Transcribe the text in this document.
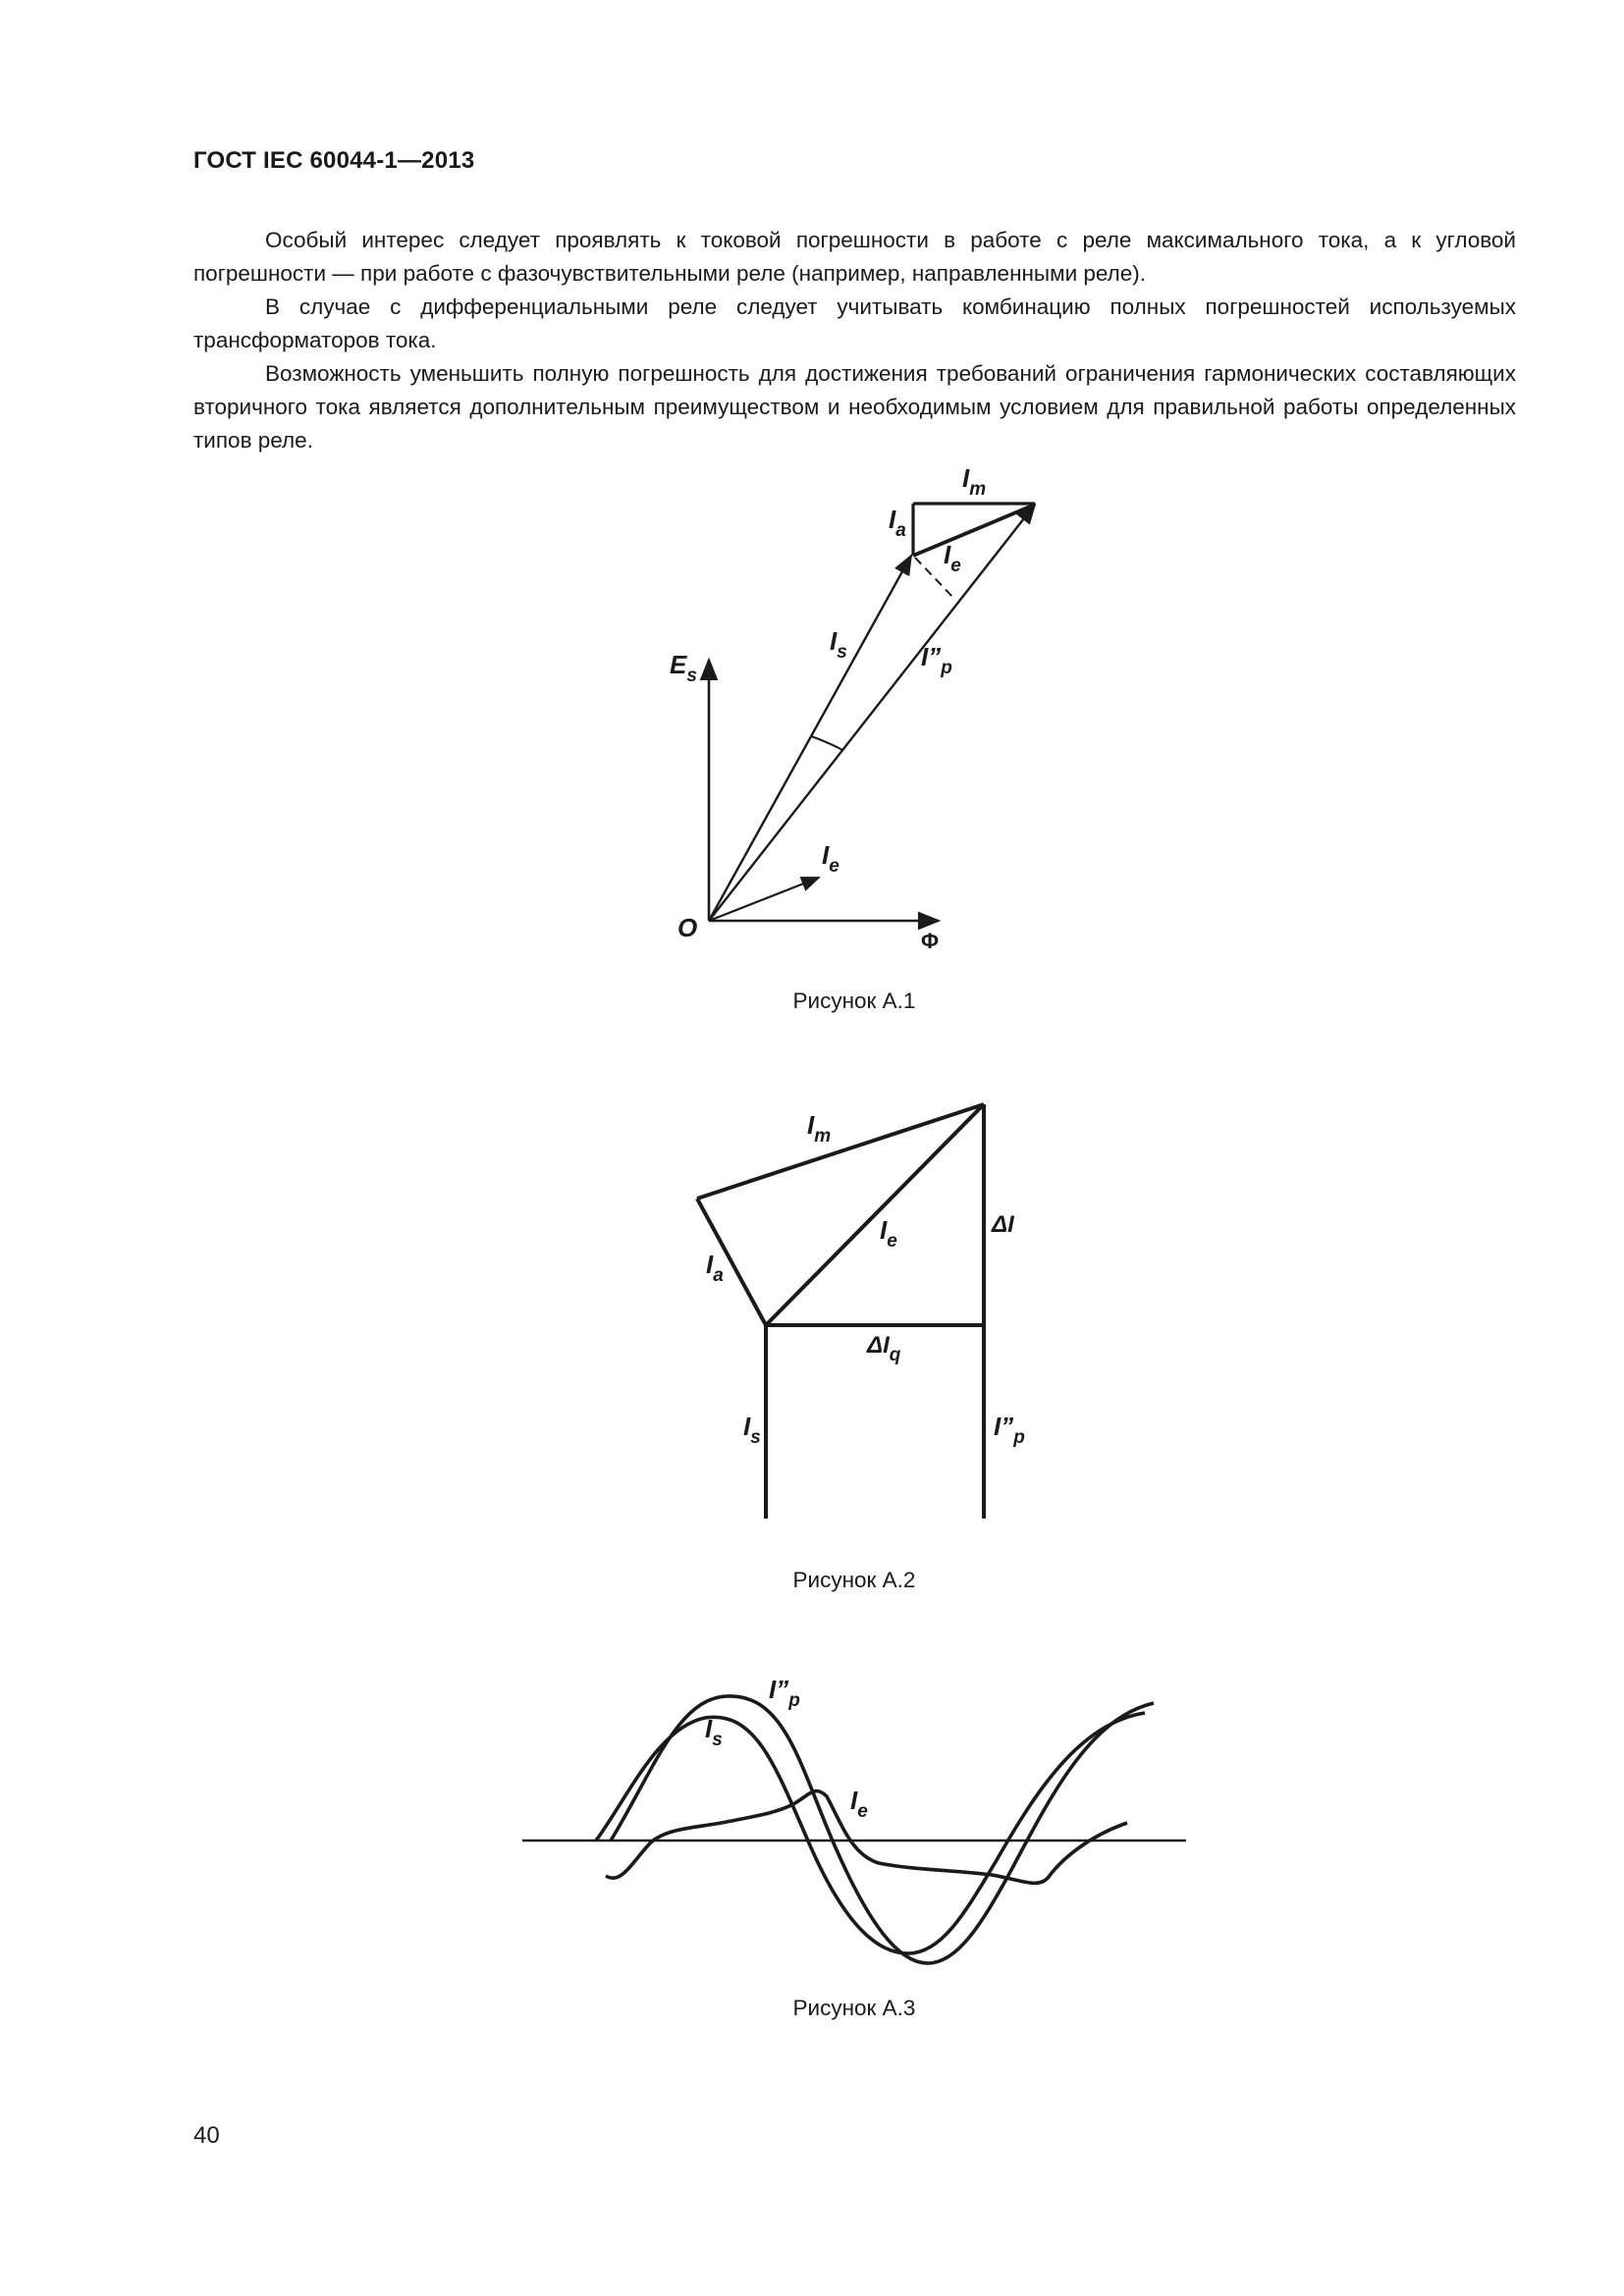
ГОСТ IEC 60044-1—2013

Особый интерес следует проявлять к токовой погрешности в работе с реле максимального тока, а к угловой погрешности — при работе с фазочувствительными реле (например, направленными реле).

В случае с дифференциальными реле следует учитывать комбинацию полных погрешностей используемых трансформаторов тока.

Возможность уменьшить полную погрешность для достижения требований ограничения гармонических составляющих вторичного тока является дополнительным преимуществом и необходимым условием для правильной работы определенных типов реле.

Im
Ia
Ie
Is	I”p
Es
Ie
O	Φ
Рисунок А.1
Im
Ie
Ia
ΔI
ΔIq
Is	I”p
Рисунок А.2
I”p
Is
Ie
Рисунок А.3
40
